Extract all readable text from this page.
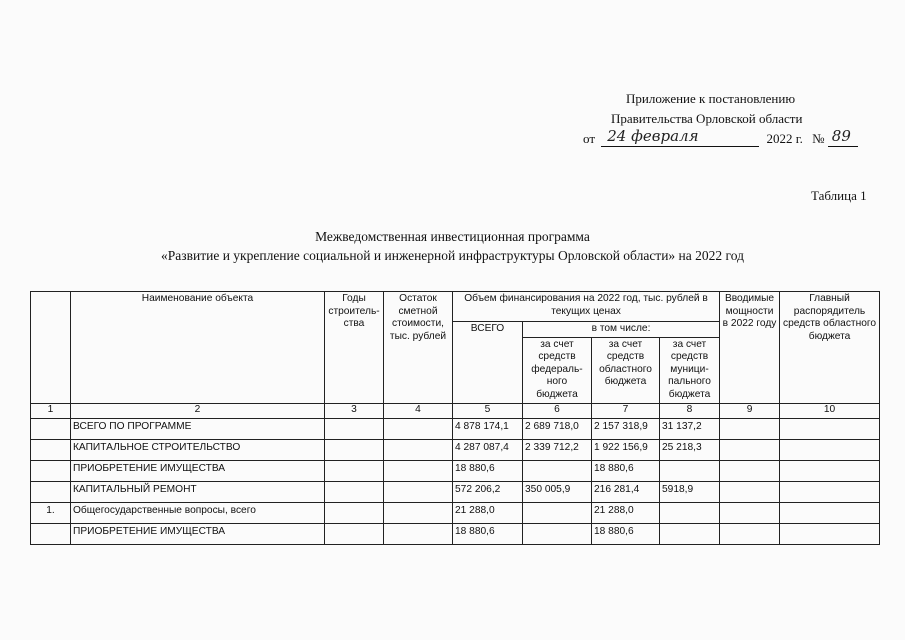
Приложение к постановлению
Правительства Орловской области
от 24 февраля	2022 г. № 89
Таблица 1
Межведомственная инвестиционная программа
«Развитие и укрепление социальной и инженерной инфраструктуры Орловской области» на 2022 год
	Наименование объекта	Годы строитель-ства	Остаток сметной стоимости, тыс. рублей	Объем финансирования на 2022 год, тыс. рублей в текущих ценах				Вводимые мощности в 2022 году	Главный распорядитель средств областного бюджета
				ВСЕГО	в том числе:				
					за счет средств федераль-ного бюджета	за счет средств областного бюджета	за счет средств муници-пального бюджета		
1	2	3	4	5	6	7	8	9	10
	ВСЕГО ПО ПРОГРАММЕ			4 878 174,1	2 689 718,0	2 157 318,9	31 137,2		
	КАПИТАЛЬНОЕ СТРОИТЕЛЬСТВО			4 287 087,4	2 339 712,2	1 922 156,9	25 218,3		
	ПРИОБРЕТЕНИЕ ИМУЩЕСТВА			18 880,6		18 880,6			
	КАПИТАЛЬНЫЙ РЕМОНТ			572 206,2	350 005,9	216 281,4	5918,9		
1.	Общегосударственные вопросы, всего			21 288,0		21 288,0			
	ПРИОБРЕТЕНИЕ ИМУЩЕСТВА			18 880,6		18 880,6			
